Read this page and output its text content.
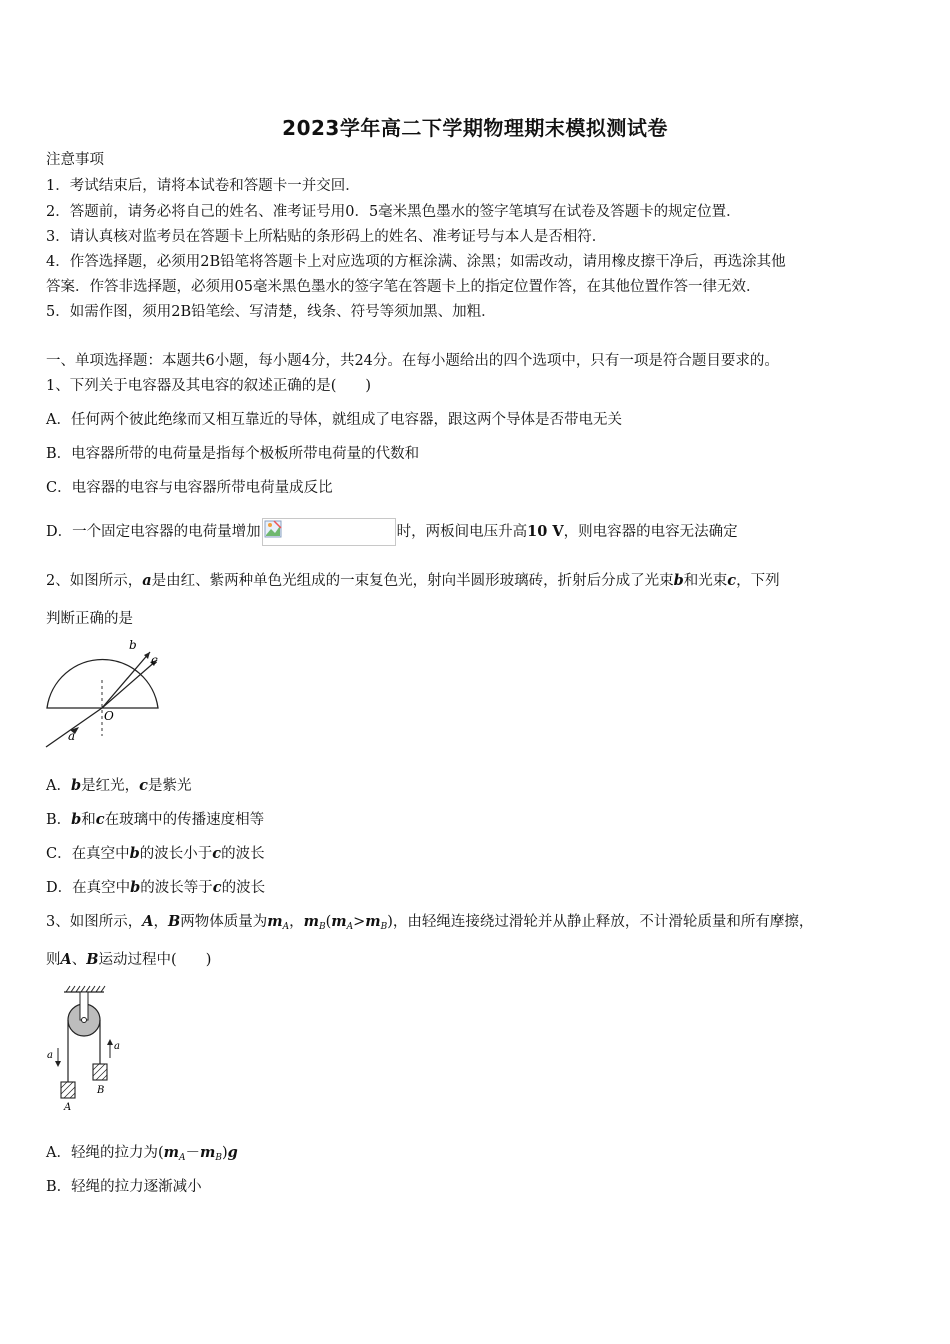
2023学年高二下学期物理期末模拟测试卷
注意事项
1．考试结束后，请将本试卷和答题卡一并交回．
2．答题前，请务必将自己的姓名、准考证号用0．5毫米黑色墨水的签字笔填写在试卷及答题卡的规定位置．
3．请认真核对监考员在答题卡上所粘贴的条形码上的姓名、准考证号与本人是否相符．
4．作答选择题，必须用2B铅笔将答题卡上对应选项的方框涂满、涂黑；如需改动，请用橡皮擦干净后，再选涂其他
答案．作答非选择题，必须用05毫米黑色墨水的签字笔在答题卡上的指定位置作答，在其他位置作答一律无效．
5．如需作图，须用2B铅笔绘、写清楚，线条、符号等须加黑、加粗．
一、单项选择题：本题共6小题，每小题4分，共24分。在每小题给出的四个选项中，只有一项是符合题目要求的。
1、下列关于电容器及其电容的叙述正确的是(　　)
A．任何两个彼此绝缘而又相互靠近的导体，就组成了电容器，跟这两个导体是否带电无关
B．电容器所带的电荷量是指每个极板所带电荷量的代数和
C．电容器的电容与电容器所带电荷量成反比
D．一个固定电容器的电荷量增加	时，两板间电压升高10 V，则电容器的电容无法确定
2、如图所示，a是由红、紫两种单色光组成的一束复色光，射向半圆形玻璃砖，折射后分成了光束b和光束c，下列
判断正确的是
b
c
O
a
A．b是红光，c是紫光
B．b和c在玻璃中的传播速度相等
C．在真空中b的波长小于c的波长
D．在真空中b的波长等于c的波长
3、如图所示，A，B两物体质量为$m_A$，$m_B(m_A>m_B)$，由轻绳连接绕过滑轮并从静止释放，不计滑轮质量和所有摩擦，
则A、B运动过程中(　　)
a
a
A
B
A．轻绳的拉力为$(m_A-m_B)g$
B．轻绳的拉力逐渐减小
